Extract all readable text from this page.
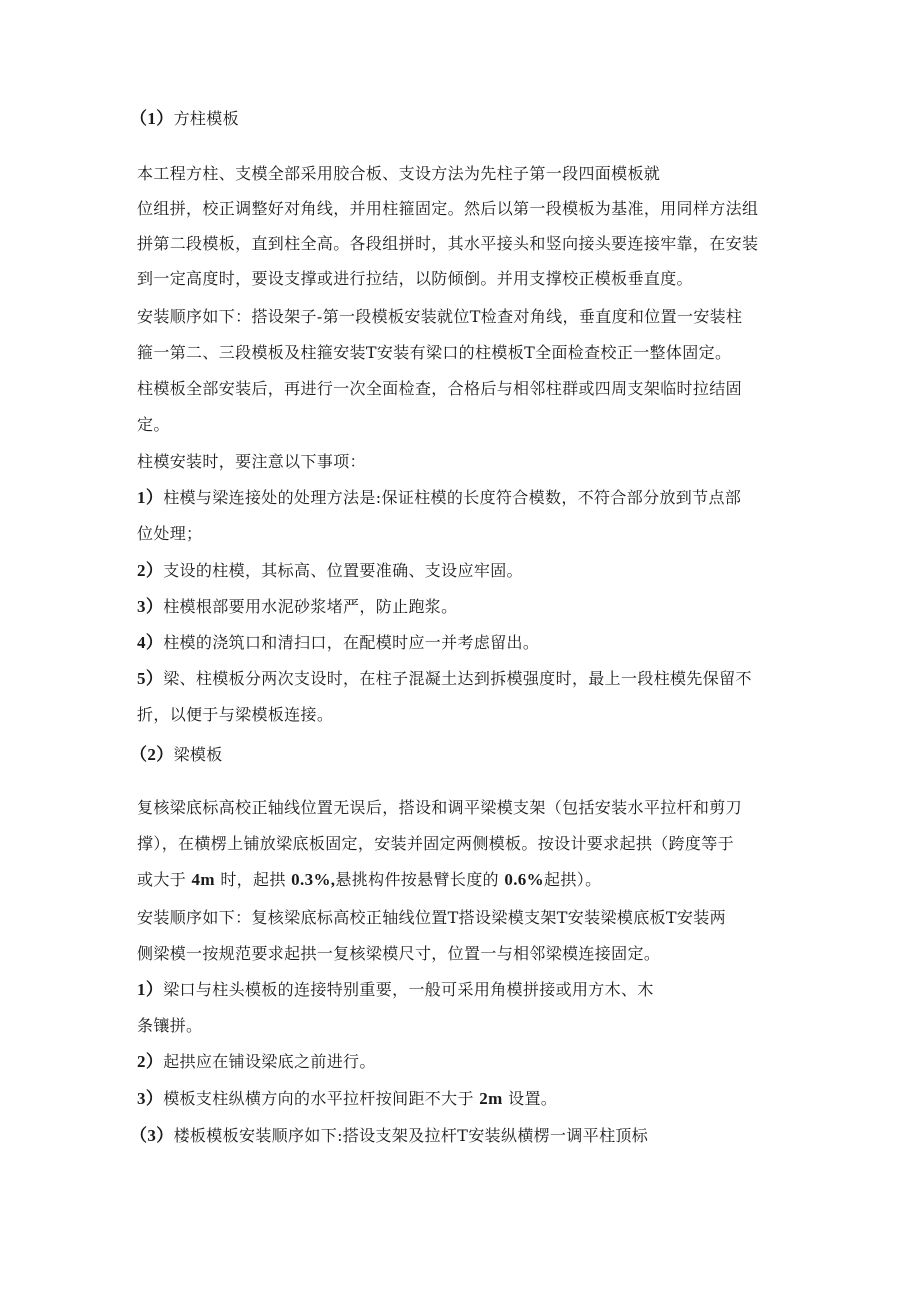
（1）方柱模板
本工程方柱、支模全部采用胶合板、支设方法为先柱子第一段四面模板就
位组拼，校正调整好对角线，并用柱箍固定。然后以第一段模板为基准，用同样方法组
拼第二段模板，直到柱全高。各段组拼时，其水平接头和竖向接头要连接牢靠，在安装
到一定高度时，要设支撑或进行拉结，以防倾倒。并用支撑校正模板垂直度。
安装顺序如下：搭设架子-第一段模板安装就位T检查对角线，垂直度和位置一安装柱
箍一第二、三段模板及柱箍安装T安装有梁口的柱模板T全面检查校正一整体固定。
柱模板全部安装后，再进行一次全面检查，合格后与相邻柱群或四周支架临时拉结固
定。
柱模安装时，要注意以下事项：
1）柱模与梁连接处的处理方法是:保证柱模的长度符合模数，不符合部分放到节点部
位处理；
2）支设的柱模，其标高、位置要准确、支设应牢固。
3）柱模根部要用水泥砂浆堵严，防止跑浆。
4）柱模的浇筑口和清扫口，在配模时应一并考虑留出。
5）梁、柱模板分两次支设时，在柱子混凝土达到拆模强度时，最上一段柱模先保留不
折，以便于与梁模板连接。
（2）梁模板
复核梁底标高校正轴线位置无误后，搭设和调平梁模支架（包括安装水平拉杆和剪刀
撑），在横楞上铺放梁底板固定，安装并固定两侧模板。按设计要求起拱（跨度等于
或大于 4m 时，起拱 0.3%,悬挑构件按悬臂长度的 0.6%起拱）。
安装顺序如下：复核梁底标高校正轴线位置T搭设梁模支架T安装梁模底板T安装两
侧梁模一按规范要求起拱一复核梁模尺寸，位置一与相邻梁模连接固定。
1）梁口与柱头模板的连接特别重要，一般可采用角模拼接或用方木、木
条镶拼。
2）起拱应在铺设梁底之前进行。
3）模板支柱纵横方向的水平拉杆按间距不大于 2m 设置。
（3）楼板模板安装顺序如下:搭设支架及拉杆T安装纵横楞一调平柱顶标
